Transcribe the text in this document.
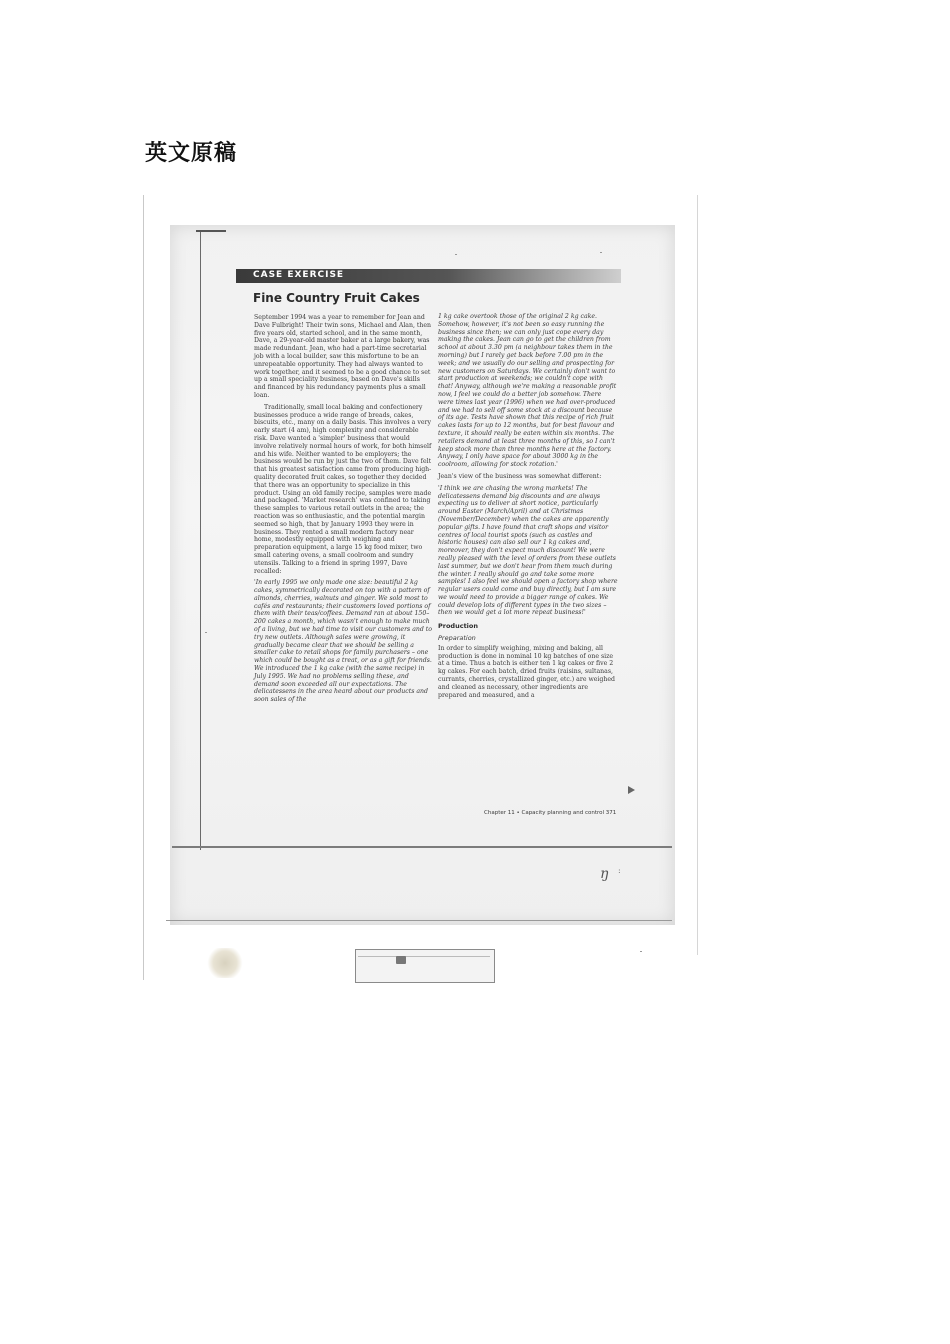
英文原稿
CASE EXERCISE
Fine Country Fruit Cakes

September 1994 was a year to remember for Jean and Dave Fulbright! Their twin sons, Michael and Alan, then five years old, started school, and in the same month, Dave, a 29-year-old master baker at a large bakery, was made redundant. Jean, who had a part-time secretarial job with a local builder, saw this misfortune to be an unrepeatable opportunity. They had always wanted to work together, and it seemed to be a good chance to set up a small speciality business, based on Dave's skills and financed by his redundancy payments plus a small loan.

Traditionally, small local baking and confectionery businesses produce a wide range of breads, cakes, biscuits, etc., many on a daily basis. This involves a very early start (4 am), high complexity and considerable risk. Dave wanted a 'simpler' business that would involve relatively normal hours of work, for both himself and his wife. Neither wanted to be employers; the business would be run by just the two of them. Dave felt that his greatest satisfaction came from producing high-quality decorated fruit cakes, so together they decided that there was an opportunity to specialize in this product. Using an old family recipe, samples were made and packaged. 'Market research' was confined to taking these samples to various retail outlets in the area; the reaction was so enthusiastic, and the potential margin seemed so high, that by January 1993 they were in business. They rented a small modern factory near home, modestly equipped with weighing and preparation equipment, a large 15 kg food mixer, two small catering ovens, a small coolroom and sundry utensils. Talking to a friend in spring 1997, Dave recalled:

'In early 1995 we only made one size: beautiful 2 kg cakes, symmetrically decorated on top with a pattern of almonds, cherries, walnuts and ginger. We sold most to cafés and restaurants; their customers loved portions of them with their teas/coffees. Demand ran at about 150–200 cakes a month, which wasn't enough to make much of a living, but we had time to visit our customers and to try new outlets. Although sales were growing, it gradually became clear that we should be selling a smaller cake to retail shops for family purchasers – one which could be bought as a treat, or as a gift for friends. We introduced the 1 kg cake (with the same recipe) in July 1995. We had no problems selling these, and demand soon exceeded all our expectations. The delicatessens in the area heard about our products and soon sales of the

1 kg cake overtook those of the original 2 kg cake. Somehow, however, it's not been so easy running the business since then; we can only just cope every day making the cakes. Jean can go to get the children from school at about 3.30 pm (a neighbour takes them in the morning) but I rarely get back before 7.00 pm in the week; and we usually do our selling and prospecting for new customers on Saturdays. We certainly don't want to start production at weekends; we couldn't cope with that! Anyway, although we're making a reasonable profit now, I feel we could do a better job somehow. There were times last year (1996) when we had over-produced and we had to sell off some stock at a discount because of its age. Tests have shown that this recipe of rich fruit cakes lasts for up to 12 months, but for best flavour and texture, it should really be eaten within six months. The retailers demand at least three months of this, so I can't keep stock more than three months here at the factory. Anyway, I only have space for about 3000 kg in the coolroom, allowing for stock rotation.'

Jean's view of the business was somewhat different:

'I think we are chasing the wrong markets! The delicatessens demand big discounts and are always expecting us to deliver at short notice, particularly around Easter (March/April) and at Christmas (November/December) when the cakes are apparently popular gifts. I have found that craft shops and visitor centres of local tourist spots (such as castles and historic houses) can also sell our 1 kg cakes and, moreover, they don't expect much discount! We were really pleased with the level of orders from these outlets last summer, but we don't hear from them much during the winter. I really should go and take some more samples! I also feel we should open a factory shop where regular users could come and buy directly, but I am sure we would need to provide a bigger range of cakes. We could develop lots of different types in the two sizes – then we would get a lot more repeat business!'

Production
Preparation

In order to simplify weighing, mixing and baking, all production is done in nominal 10 kg batches of one size at a time. Thus a batch is either ten 1 kg cakes or five 2 kg cakes. For each batch, dried fruits (raisins, sultanas, currants, cherries, crystallized ginger, etc.) are weighed and cleaned as necessary, other ingredients are prepared and measured, and a

Chapter 11 • Capacity planning and control 371
ŋ :
